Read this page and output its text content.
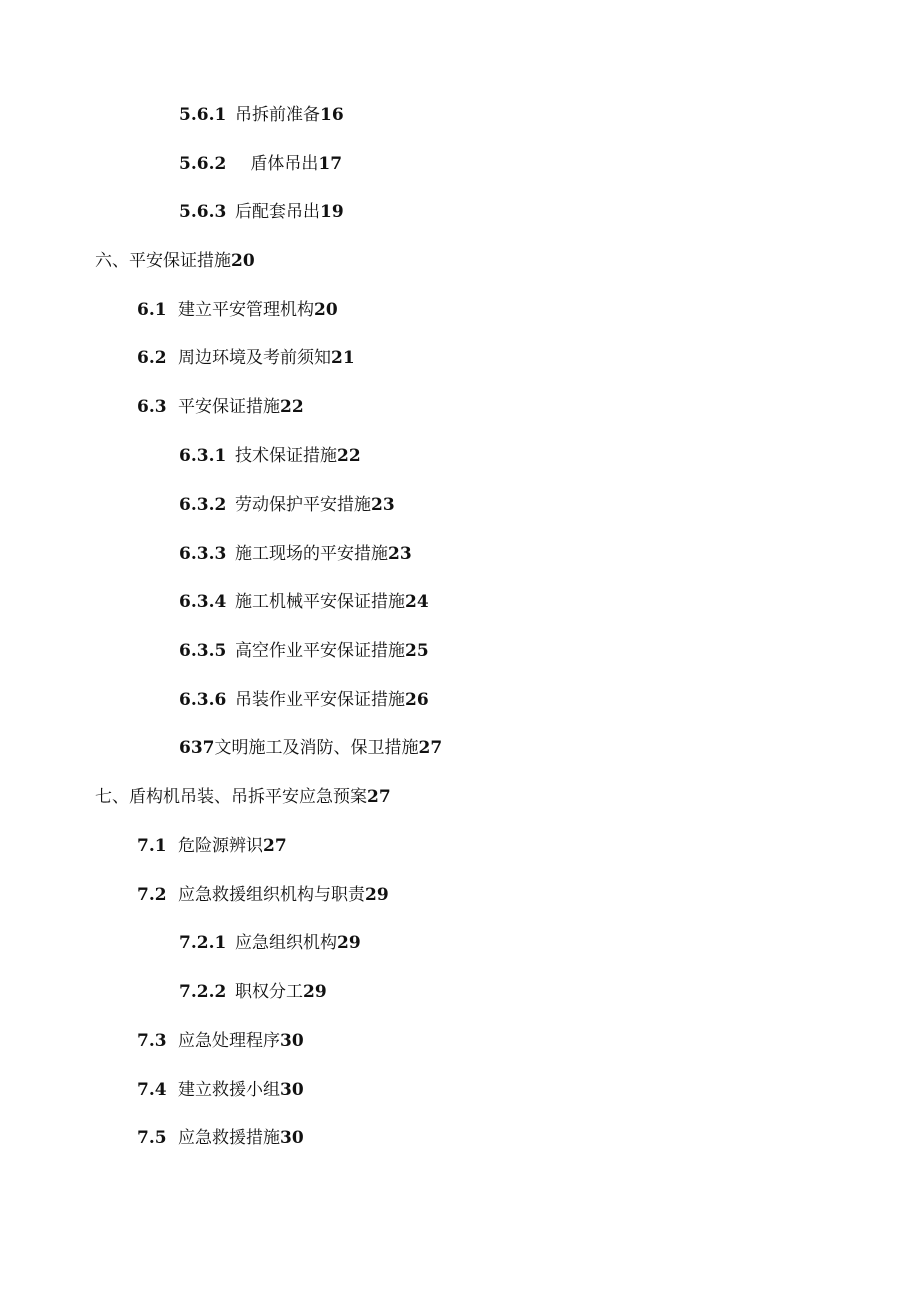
5.6.1 吊拆前准备16
5.6.2 盾体吊出17
5.6.3 后配套吊出19
六、平安保证措施20
6.1 建立平安管理机构20
6.2 周边环境及考前须知21
6.3 平安保证措施22
6.3.1 技术保证措施22
6.3.2 劳动保护平安措施23
6.3.3 施工现场的平安措施23
6.3.4 施工机械平安保证措施24
6.3.5 高空作业平安保证措施25
6.3.6 吊装作业平安保证措施26
637文明施工及消防、保卫措施27
七、盾构机吊装、吊拆平安应急预案27
7.1 危险源辨识27
7.2 应急救援组织机构与职责29
7.2.1 应急组织机构29
7.2.2 职权分工29
7.3 应急处理程序30
7.4 建立救援小组30
7.5 应急救援措施30
